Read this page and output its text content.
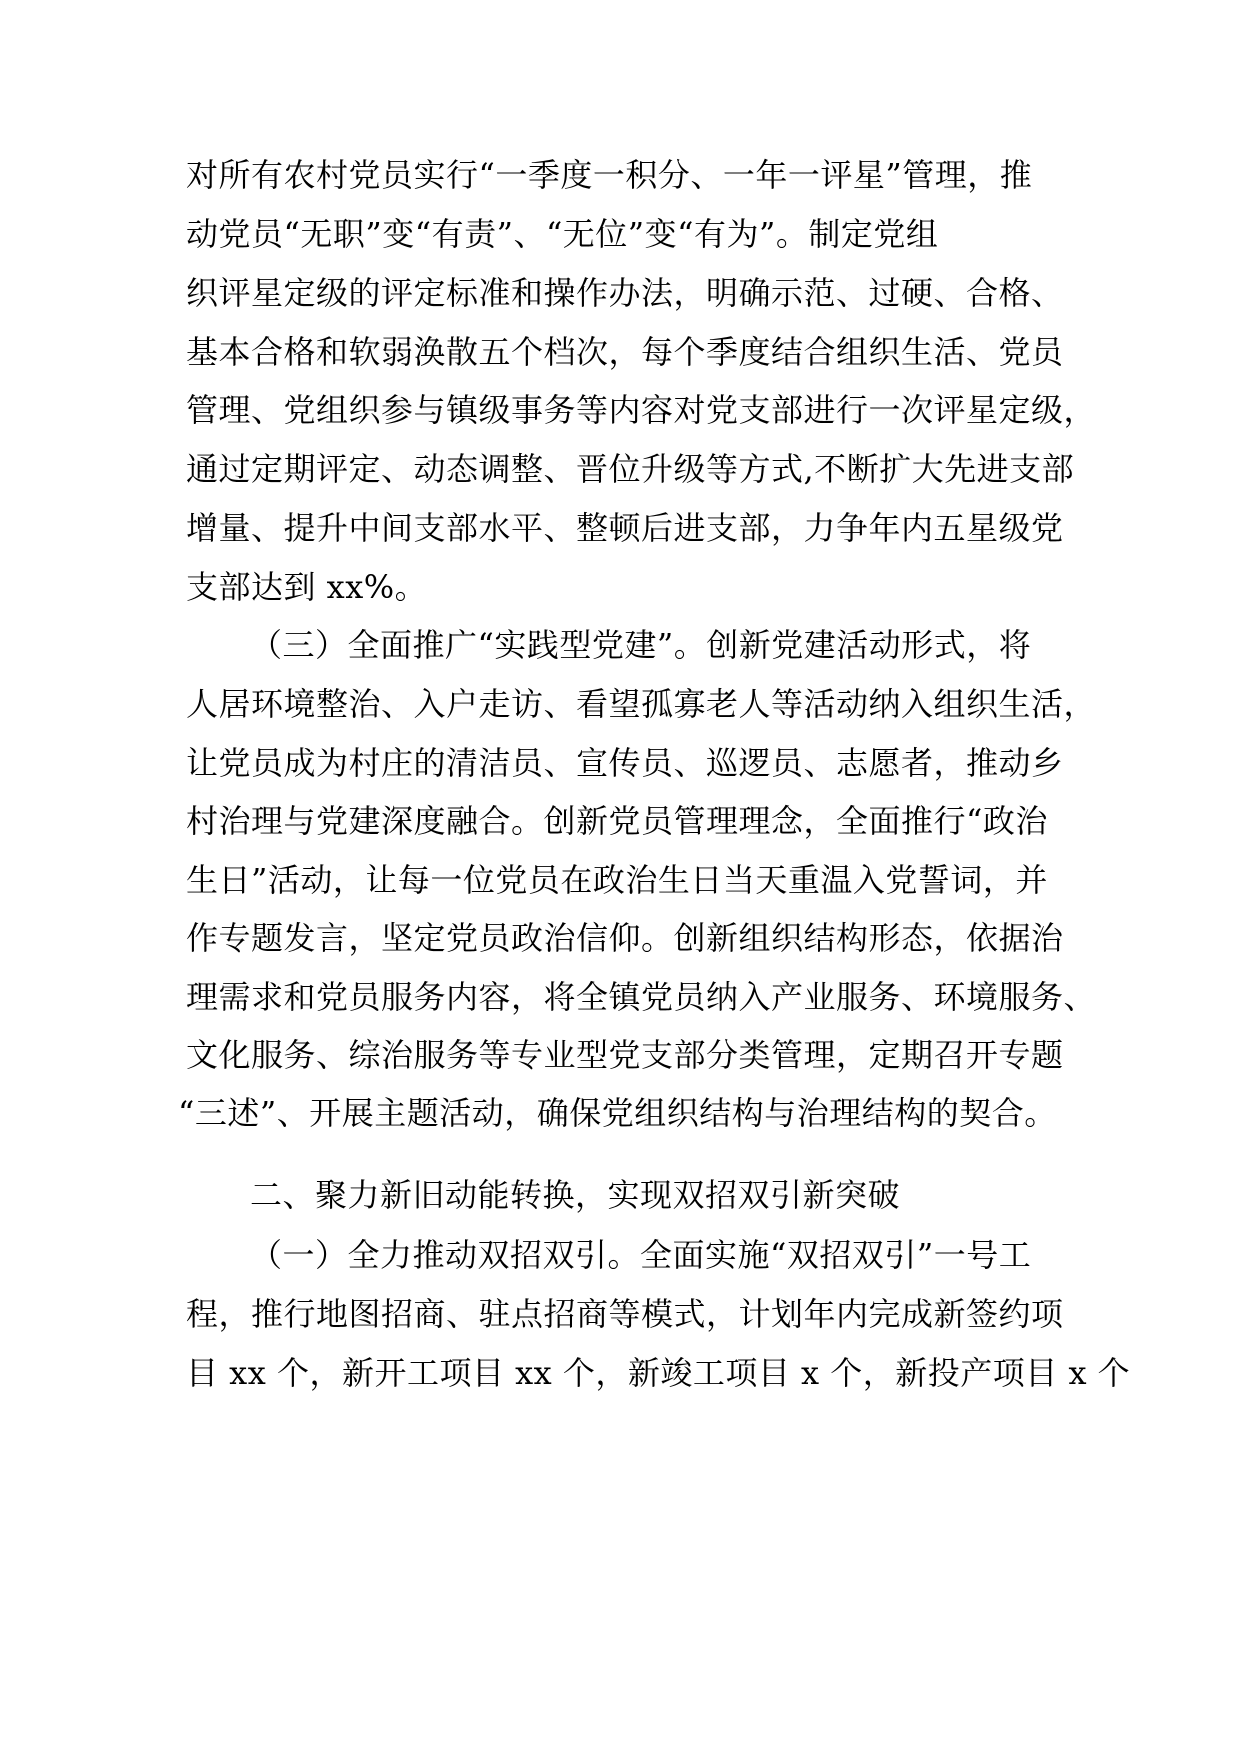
对所有农村党员实行“一季度一积分、一年一评星”管理，推
动党员“无职”变“有责”、“无位”变“有为”。制定党组
织评星定级的评定标准和操作办法，明确示范、过硬、合格、
基本合格和软弱涣散五个档次，每个季度结合组织生活、党员
管理、党组织参与镇级事务等内容对党支部进行一次评星定级，
通过定期评定、动态调整、晋位升级等方式,不断扩大先进支部
增量、提升中间支部水平、整顿后进支部，力争年内五星级党
支部达到 xx%。
（三）全面推广“实践型党建”。创新党建活动形式，将
人居环境整治、入户走访、看望孤寡老人等活动纳入组织生活，
让党员成为村庄的清洁员、宣传员、巡逻员、志愿者，推动乡
村治理与党建深度融合。创新党员管理理念，全面推行“政治
生日”活动，让每一位党员在政治生日当天重温入党誓词，并
作专题发言，坚定党员政治信仰。创新组织结构形态，依据治
理需求和党员服务内容，将全镇党员纳入产业服务、环境服务、
文化服务、综治服务等专业型党支部分类管理，定期召开专题
“三述”、开展主题活动，确保党组织结构与治理结构的契合。
二、聚力新旧动能转换，实现双招双引新突破
（一）全力推动双招双引。全面实施“双招双引”一号工
程，推行地图招商、驻点招商等模式，计划年内完成新签约项
目 xx 个，新开工项目 xx 个，新竣工项目 x 个，新投产项目 x 个
